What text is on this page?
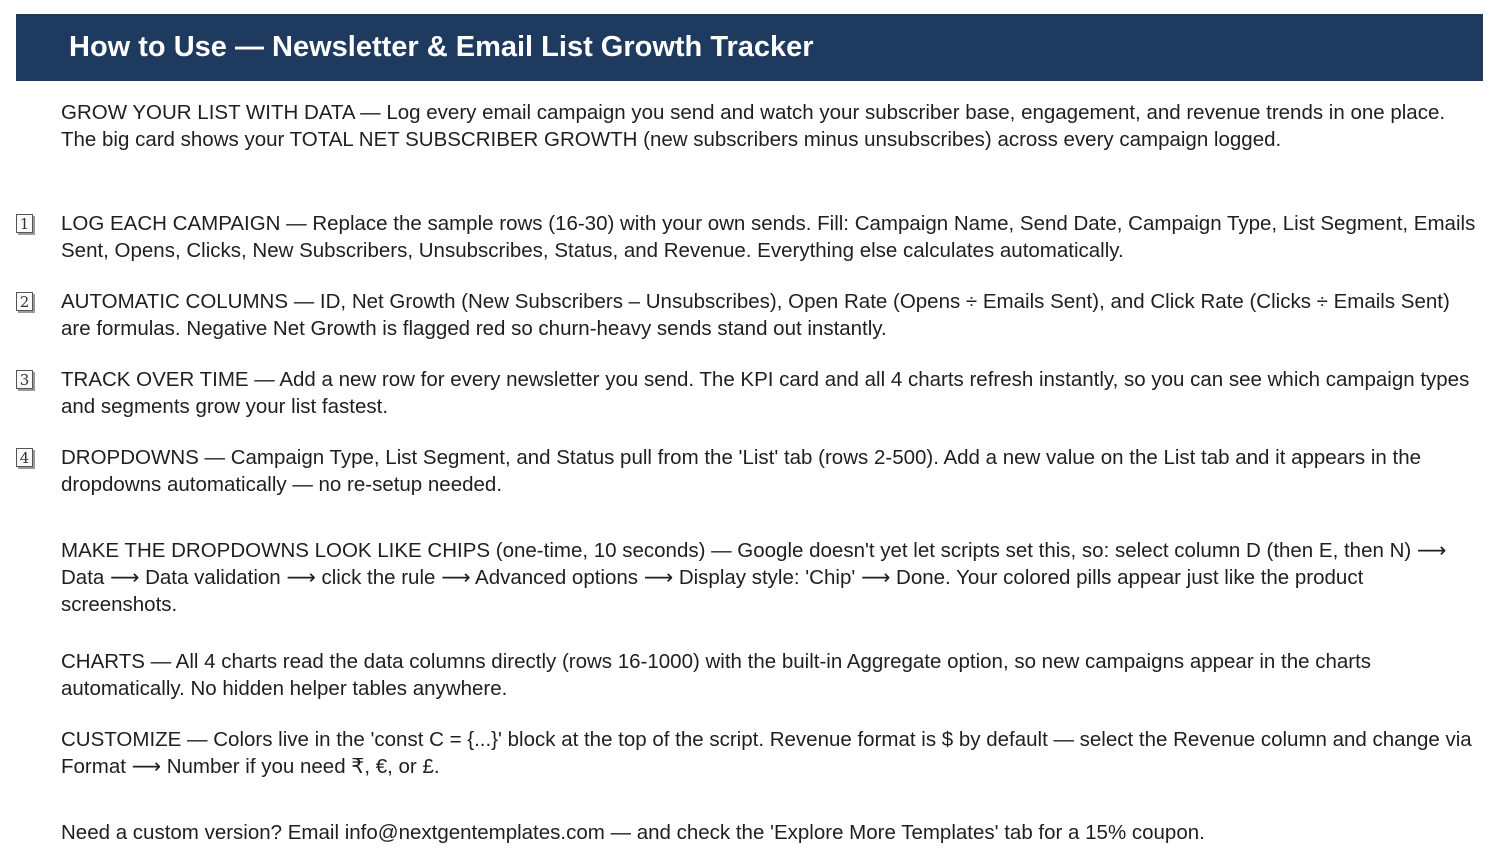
How to Use — Newsletter & Email List Growth Tracker

GROW YOUR LIST WITH DATA — Log every email campaign you send and watch your subscriber base, engagement, and revenue trends in one place. The big card shows your TOTAL NET SUBSCRIBER GROWTH (new subscribers minus unsubscribes) across every campaign logged.

1 LOG EACH CAMPAIGN — Replace the sample rows (16-30) with your own sends. Fill: Campaign Name, Send Date, Campaign Type, List Segment, Emails Sent, Opens, Clicks, New Subscribers, Unsubscribes, Status, and Revenue. Everything else calculates automatically.

2 AUTOMATIC COLUMNS — ID, Net Growth (New Subscribers – Unsubscribes), Open Rate (Opens ÷ Emails Sent), and Click Rate (Clicks ÷ Emails Sent) are formulas. Negative Net Growth is flagged red so churn-heavy sends stand out instantly.

3 TRACK OVER TIME — Add a new row for every newsletter you send. The KPI card and all 4 charts refresh instantly, so you can see which campaign types and segments grow your list fastest.

4 DROPDOWNS — Campaign Type, List Segment, and Status pull from the 'List' tab (rows 2-500). Add a new value on the List tab and it appears in the dropdowns automatically — no re-setup needed.

MAKE THE DROPDOWNS LOOK LIKE CHIPS (one-time, 10 seconds) — Google doesn't yet let scripts set this, so: select column D (then E, then N) ⟶ Data ⟶ Data validation ⟶ click the rule ⟶ Advanced options ⟶ Display style: 'Chip' ⟶ Done. Your colored pills appear just like the product screenshots.

CHARTS — All 4 charts read the data columns directly (rows 16-1000) with the built-in Aggregate option, so new campaigns appear in the charts automatically. No hidden helper tables anywhere.

CUSTOMIZE — Colors live in the 'const C = {...}' block at the top of the script. Revenue format is $ by default — select the Revenue column and change via Format ⟶ Number if you need ₹, €, or £.

Need a custom version? Email info@nextgentemplates.com — and check the 'Explore More Templates' tab for a 15% coupon.
